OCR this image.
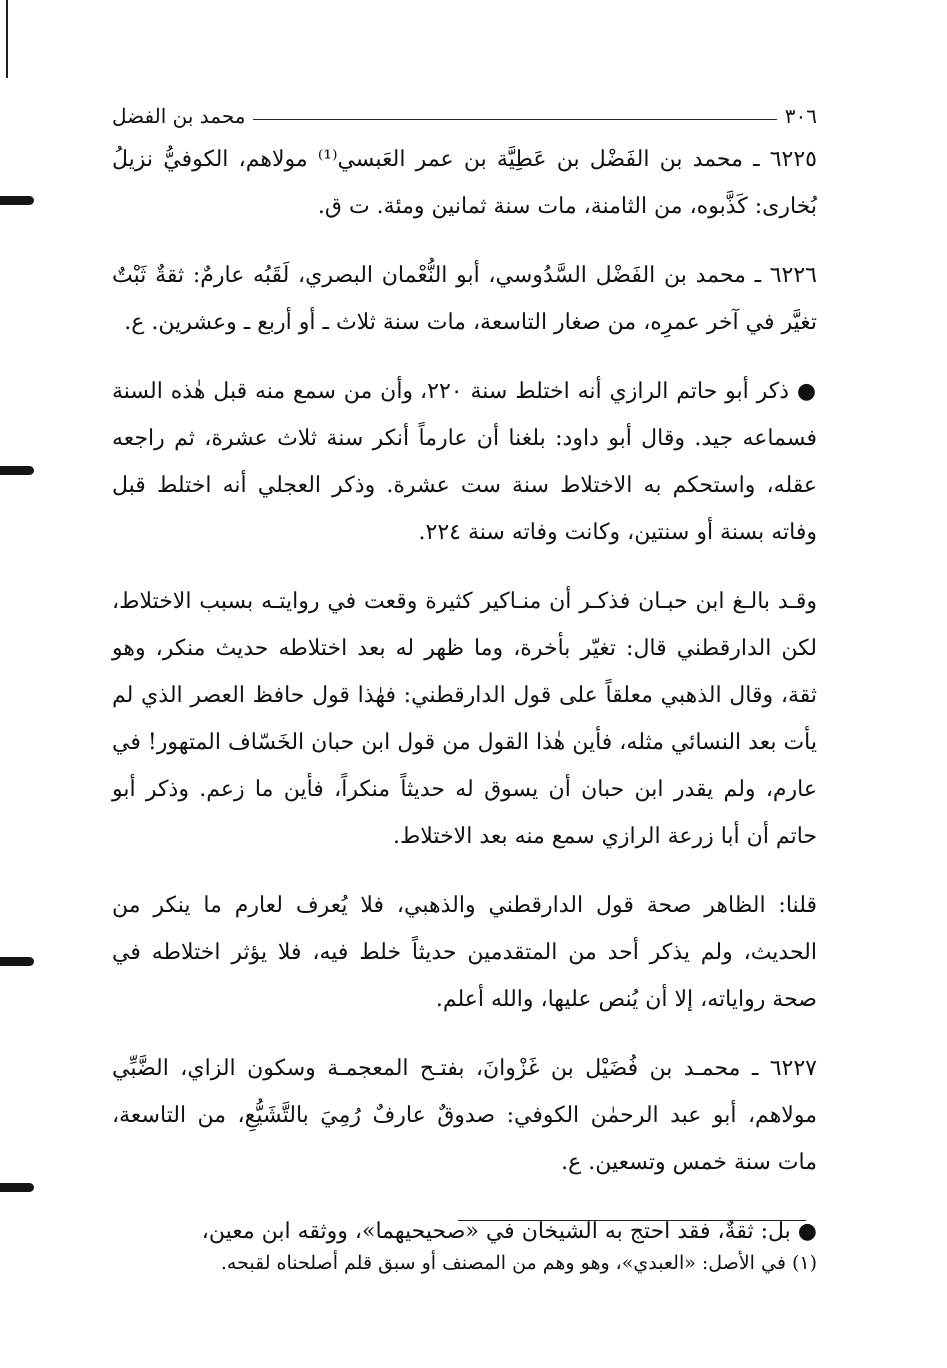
٣٠٦
محمد بن الفضل

٦٢٢٥ ـ محمد بن الفَضْل بن عَطِيَّة بن عمر العَبسي⁽¹⁾ مولاهم، الكوفيُّ نزيلُ بُخارى: كَذَّبوه، من الثامنة، مات سنة ثمانين ومئة. ت ق.

٦٢٢٦ ـ محمد بن الفَضْل السَّدُوسي، أبو النُّعْمان البصري، لَقَبُه عارمٌ: ثقةٌ ثَبْتٌ تغيَّر في آخر عمرِه، من صغار التاسعة، مات سنة ثلاث ـ أو أربع ـ وعشرين. ع.

● ذكر أبو حاتم الرازي أنه اختلط سنة ٢٢٠، وأن من سمع منه قبل هٰذه السنة فسماعه جيد. وقال أبو داود: بلغنا أن عارماً أنكر سنة ثلاث عشرة، ثم راجعه عقله، واستحكم به الاختلاط سنة ست عشرة. وذكر العجلي أنه اختلط قبل وفاته بسنة أو سنتين، وكانت وفاته سنة ٢٢٤.

وقـد بالـغ ابن حبـان فذكـر أن منـاكير كثيرة وقعت في روايتـه بسبب الاختلاط، لكن الدارقطني قال: تغيّر بأخرة، وما ظهر له بعد اختلاطه حديث منكر، وهو ثقة، وقال الذهبي معلقاً على قول الدارقطني: فهٰذا قول حافظ العصر الذي لم يأت بعد النسائي مثله، فأين هٰذا القول من قول ابن حبان الخَسّاف المتهور! في عارم، ولم يقدر ابن حبان أن يسوق له حديثاً منكراً، فأين ما زعم. وذكر أبو حاتم أن أبا زرعة الرازي سمع منه بعد الاختلاط.

قلنا: الظاهر صحة قول الدارقطني والذهبي، فلا يُعرف لعارم ما ينكر من الحديث، ولم يذكر أحد من المتقدمين حديثاً خلط فيه، فلا يؤثر اختلاطه في صحة رواياته، إلا أن يُنص عليها، والله أعلم.

٦٢٢٧ ـ محمـد بن فُضَيْل بن غَزْوانَ، بفتـح المعجمـة وسكون الزاي، الضَّبِّي مولاهم، أبو عبد الرحمٰن الكوفي: صدوقٌ عارفٌ رُمِيَ بالتَّشَيُّعِ، من التاسعة، مات سنة خمس وتسعين. ع.

● بل: ثقةٌ، فقد احتج به الشيخان في «صحيحيهما»، ووثقه ابن معين،

(١) في الأصل: «العبدي»، وهو وهم من المصنف أو سبق قلم أصلحناه لقبحه.
